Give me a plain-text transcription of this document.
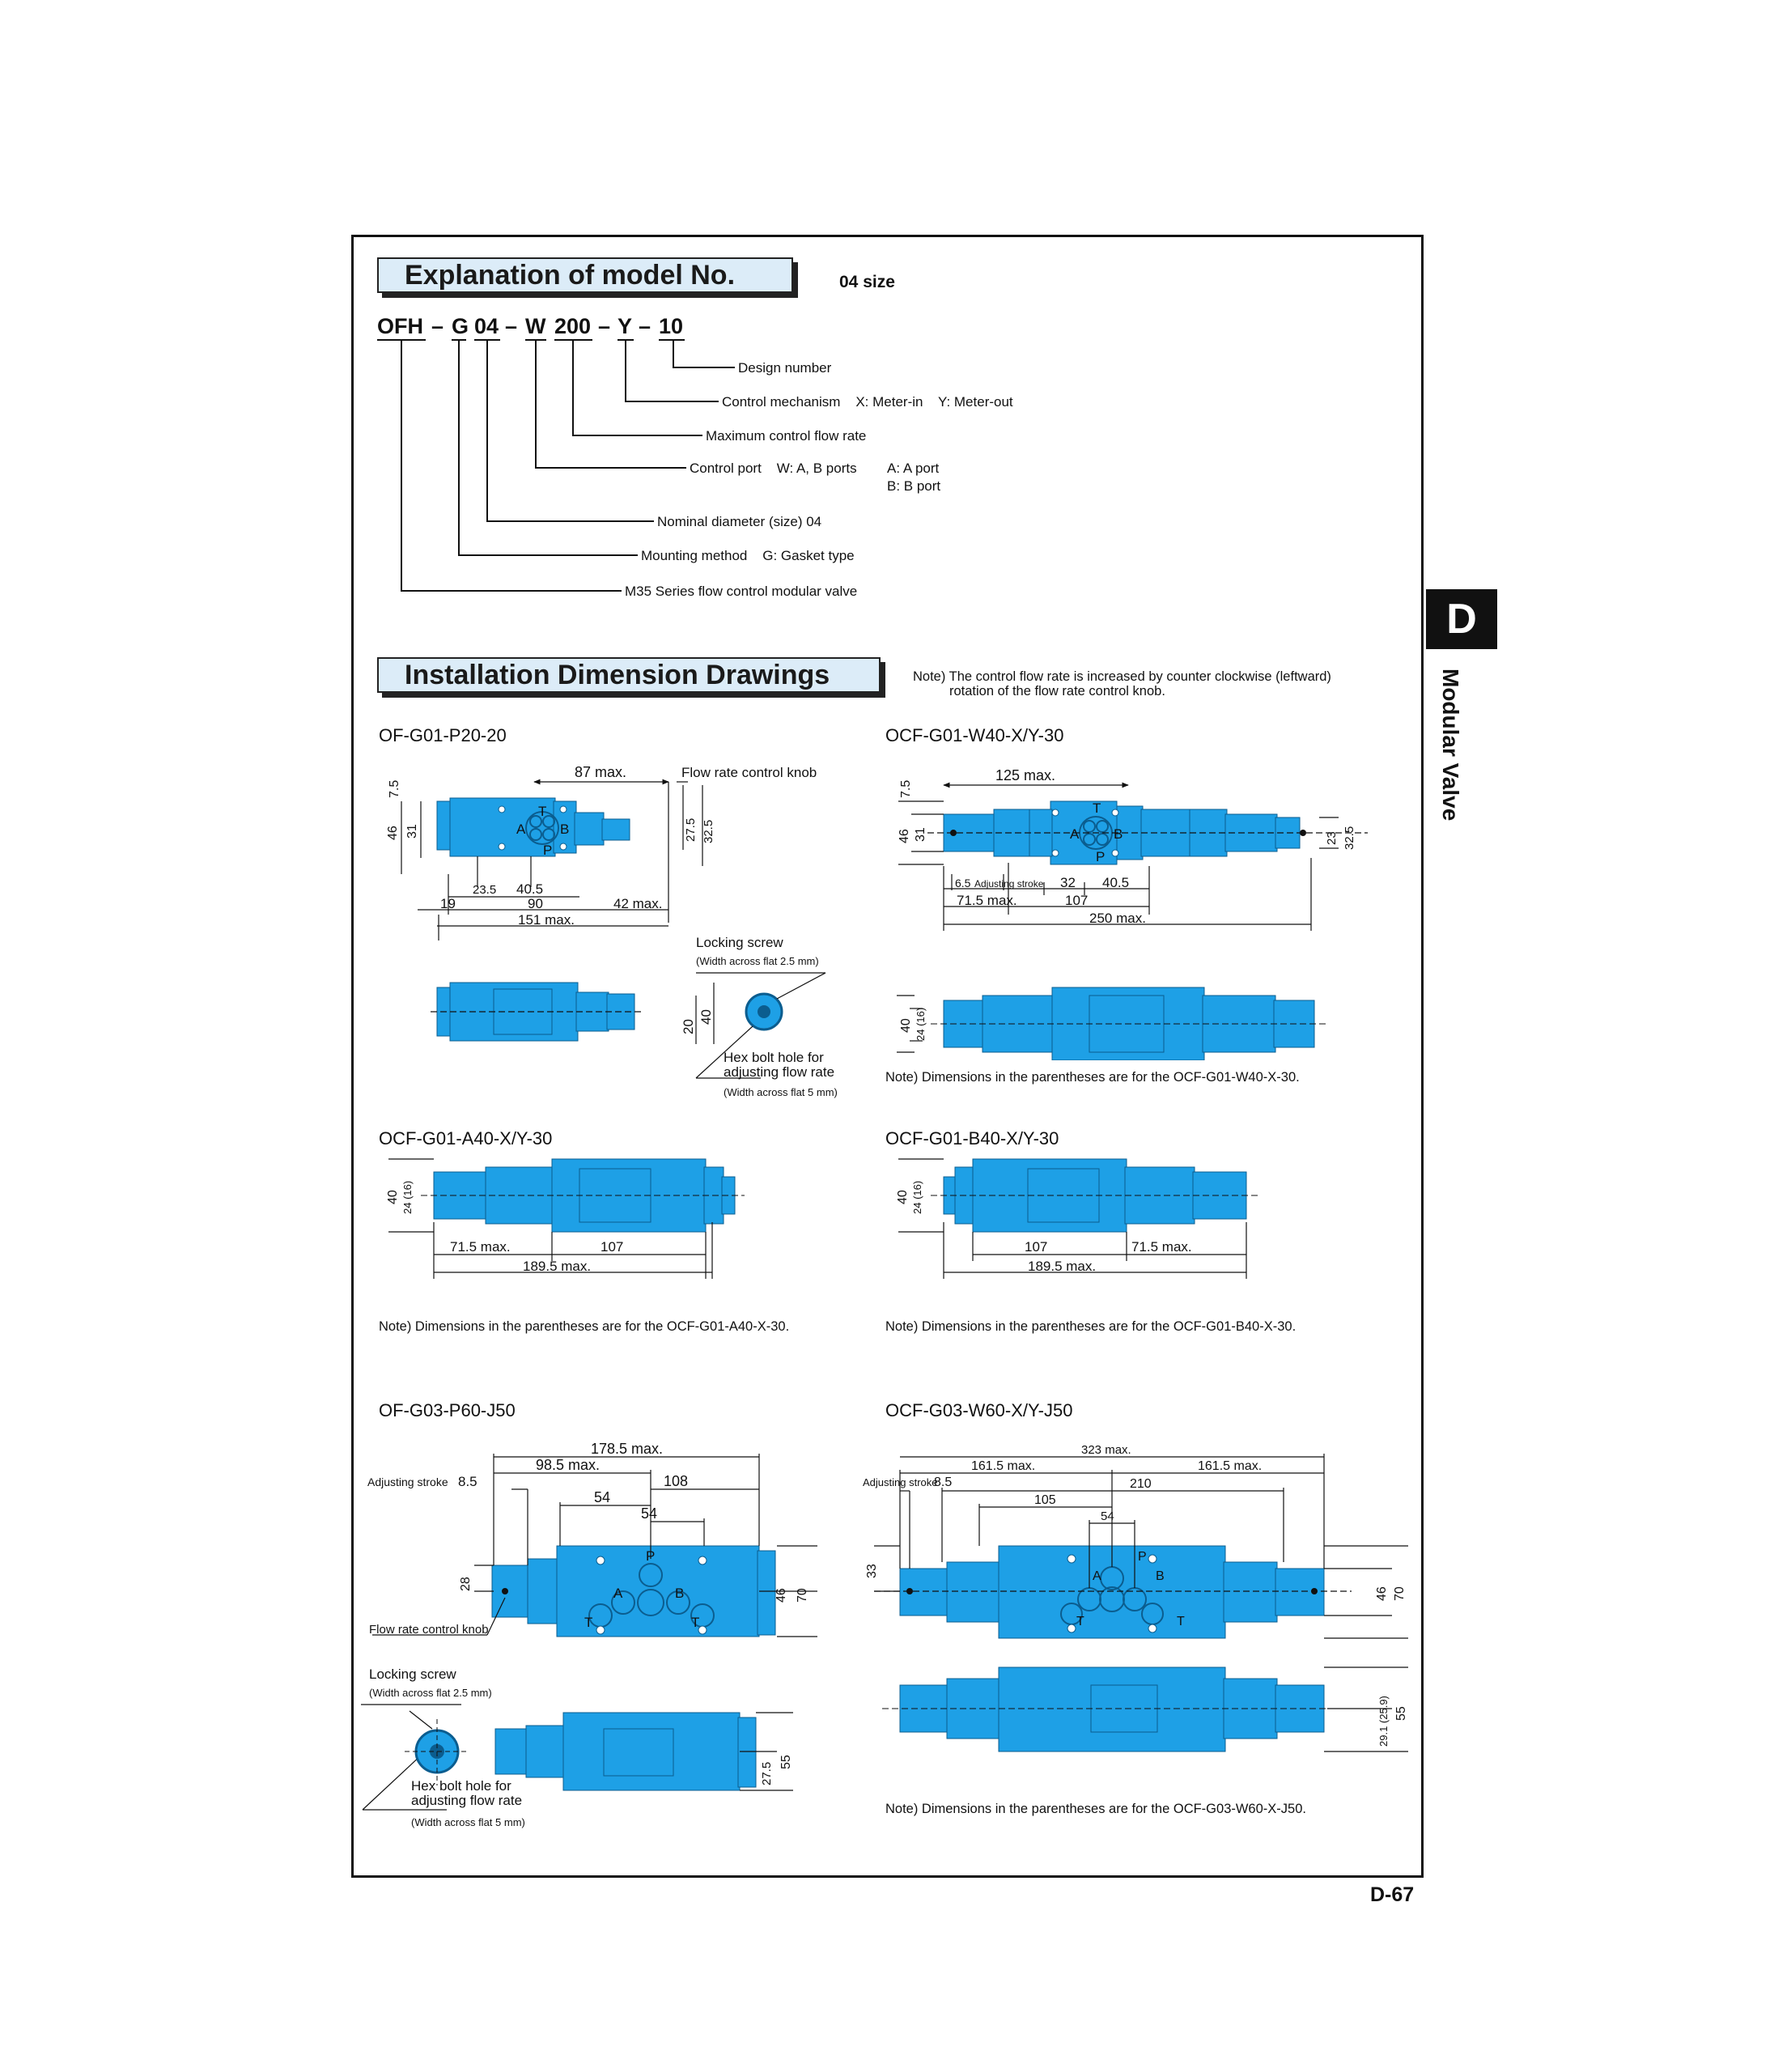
D
Modular Valve
D-67
Explanation of model No.	04 size
OFH – G 04 – W 200 – Y – 10
Design number
Control mechanism    X: Meter-in    Y: Meter-out
Maximum control flow rate
Control port    W: A, B ports A: A port
B: B port
Nominal diameter (size) 04
Mounting method    G: Gasket type
M35 Series flow control modular valve
Installation Dimension Drawings	Note) The control flow rate is increased by counter clockwise (leftward)
rotation of the flow rate control knob.
OF-G01-P20-20	OCF-G01-W40-X/Y-30
Note) Dimensions in the parentheses are for the OCF-G01-W40-X-30.
OCF-G01-A40-X/Y-30	OCF-G01-B40-X/Y-30
Note) Dimensions in the parentheses are for the OCF-G01-A40-X-30.	Note) Dimensions in the parentheses are for the OCF-G01-B40-X-30.
OF-G03-P60-J50	OCF-G03-W60-X/Y-J50
Note) Dimensions in the parentheses are for the OCF-G03-W60-X-J50.
A	B
T
P
87 max.	Flow rate control knob
7.5
46 31	27.5 32.5
23.5 40.5
19	90	42 max.
151 max.
20
40
Locking screw
(Width across flat 2.5 mm)
Hex bolt hole for
adjusting flow rate
(Width across flat 5 mm)
A	B
T
P
125 max.
7.5
46 31	23 32.5
6.5 Adjusting stroke 32 40.5
71.5 max.	107
250 max.
40 24 (16)
40 24 (16)
71.5 max.	107
189.5 max.
40 24 (16)
107	71.5 max.
189.5 max.
A	B
T	T
P
178.5 max.
98.5 max.
Adjusting stroke 8.5	108
54
54
28
46 70
Flow rate control knob
27.5 55
Locking screw
(Width across flat 2.5 mm)
Hex bolt hole for
adjusting flow rate
(Width across flat 5 mm)
A	B
T	T
P
323 max.
161.5 max.	161.5 max.
Adjusting stroke
8.5	210
105
54
33
46 70
29.1 (25.9) 55
